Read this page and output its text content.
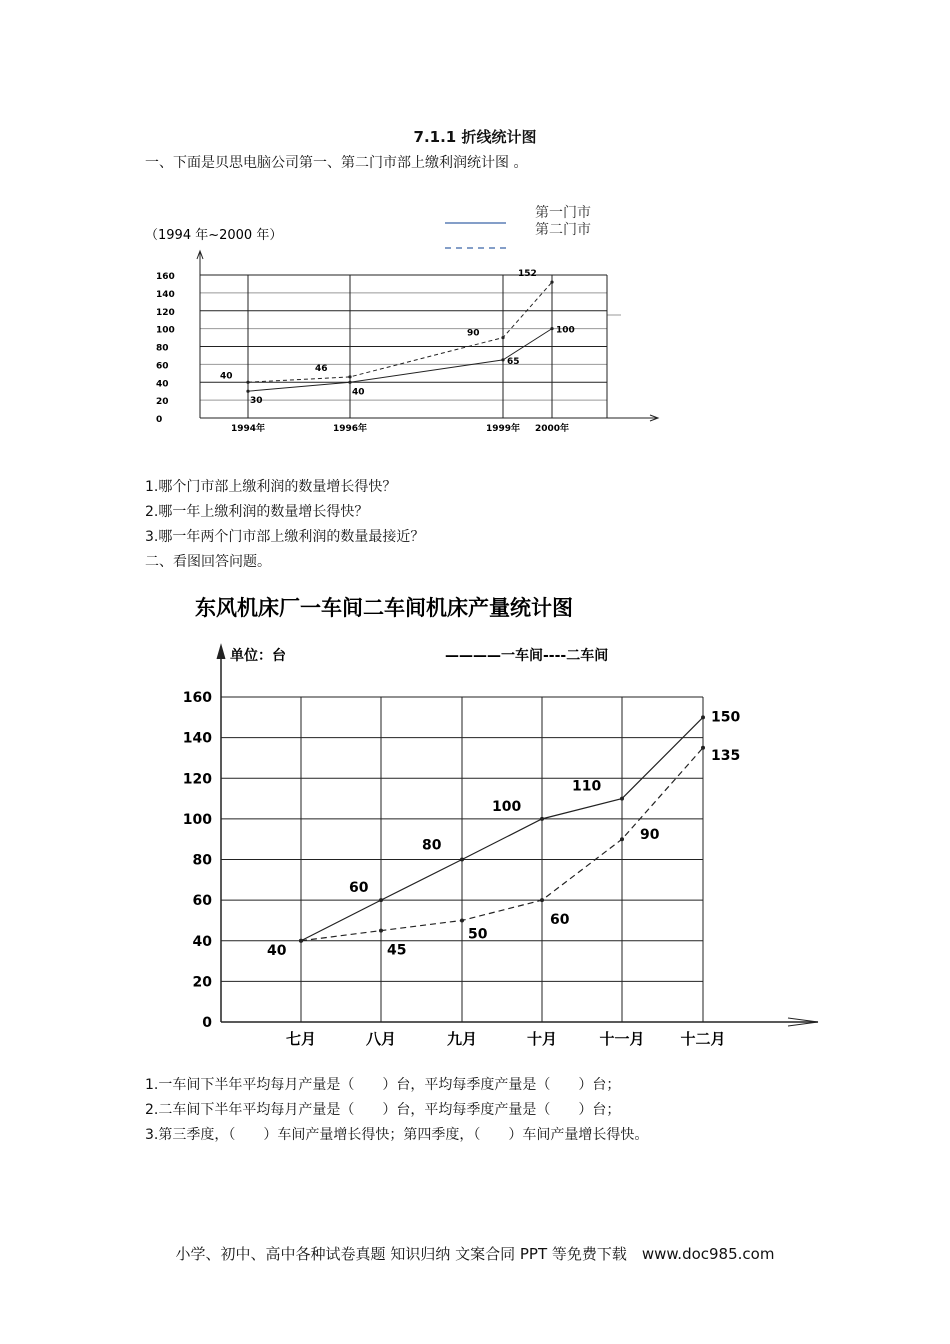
7.1.1 折线统计图
一、下面是贝思电脑公司第一、第二门市部上缴利润统计图 。
0
20
40
60
80
100
120
140
160
1994年	1996年	1999年 2000年
（1994 年~2000 年）
第一门市
第二门市
30
40
65
100
40
46
90
152
1.哪个门市部上缴利润的数量增长得快？
2.哪一年上缴利润的数量增长得快？
3.哪一年两个门市部上缴利润的数量最接近？
二、看图回答问题。
东风机床厂一车间二车间机床产量统计图
单位：台	————一车间----二车间
0
20
40
60
80
100
120
140
160
七月	八月	九月	十月	十一月 十二月
40
60
80
100
110
150
45
50
60
90
135
1.一车间下半年平均每月产量是（　　）台，平均每季度产量是（　　）台；
2.二车间下半年平均每月产量是（　　）台，平均每季度产量是（　　）台；
3.第三季度，（　　）车间产量增长得快；第四季度，（　　）车间产量增长得快。
小学、初中、高中各种试卷真题 知识归纳 文案合同 PPT 等免费下载　www.doc985.com
